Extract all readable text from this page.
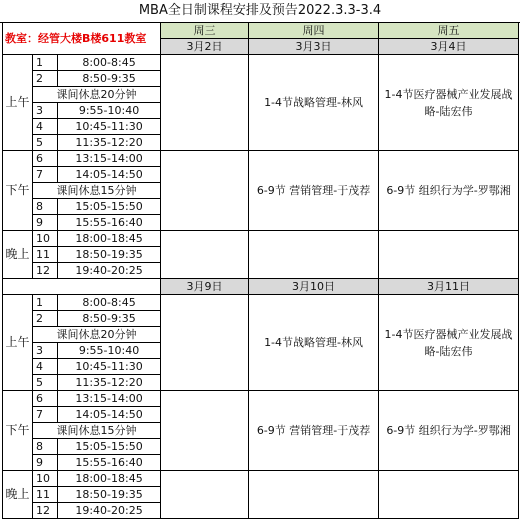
MBA全日制课程安排及预告2022.3.3-3.4
教室：经管大楼B楼611教室			周三	周四	周五
			3月2日	3月3日	3月4日
上午	1	8:00-8:45		1-4节战略管理-林风	1-4节医疗器械产业发展战略-陆宏伟
	2	8:50-9:35			
	课间休息20分钟				
	3	9:55-10:40			
	4	10:45-11:30			
	5	11:35-12:20			
下午	6	13:15-14:00		6-9节 营销管理-于茂荐	6-9节 组织行为学-罗鄂湘
	7	14:05-14:50			
	课间休息15分钟				
	8	15:05-15:50			
	9	15:55-16:40			
晚上	10	18:00-18:45			
	11	18:50-19:35			
	12	19:40-20:25			
			3月9日	3月10日	3月11日
上午	1	8:00-8:45		1-4节战略管理-林风	1-4节医疗器械产业发展战略-陆宏伟
	2	8:50-9:35			
	课间休息20分钟				
	3	9:55-10:40			
	4	10:45-11:30			
	5	11:35-12:20			
下午	6	13:15-14:00		6-9节 营销管理-于茂荐	6-9节 组织行为学-罗鄂湘
	7	14:05-14:50			
	课间休息15分钟				
	8	15:05-15:50			
	9	15:55-16:40			
晚上	10	18:00-18:45			
	11	18:50-19:35			
	12	19:40-20:25			
